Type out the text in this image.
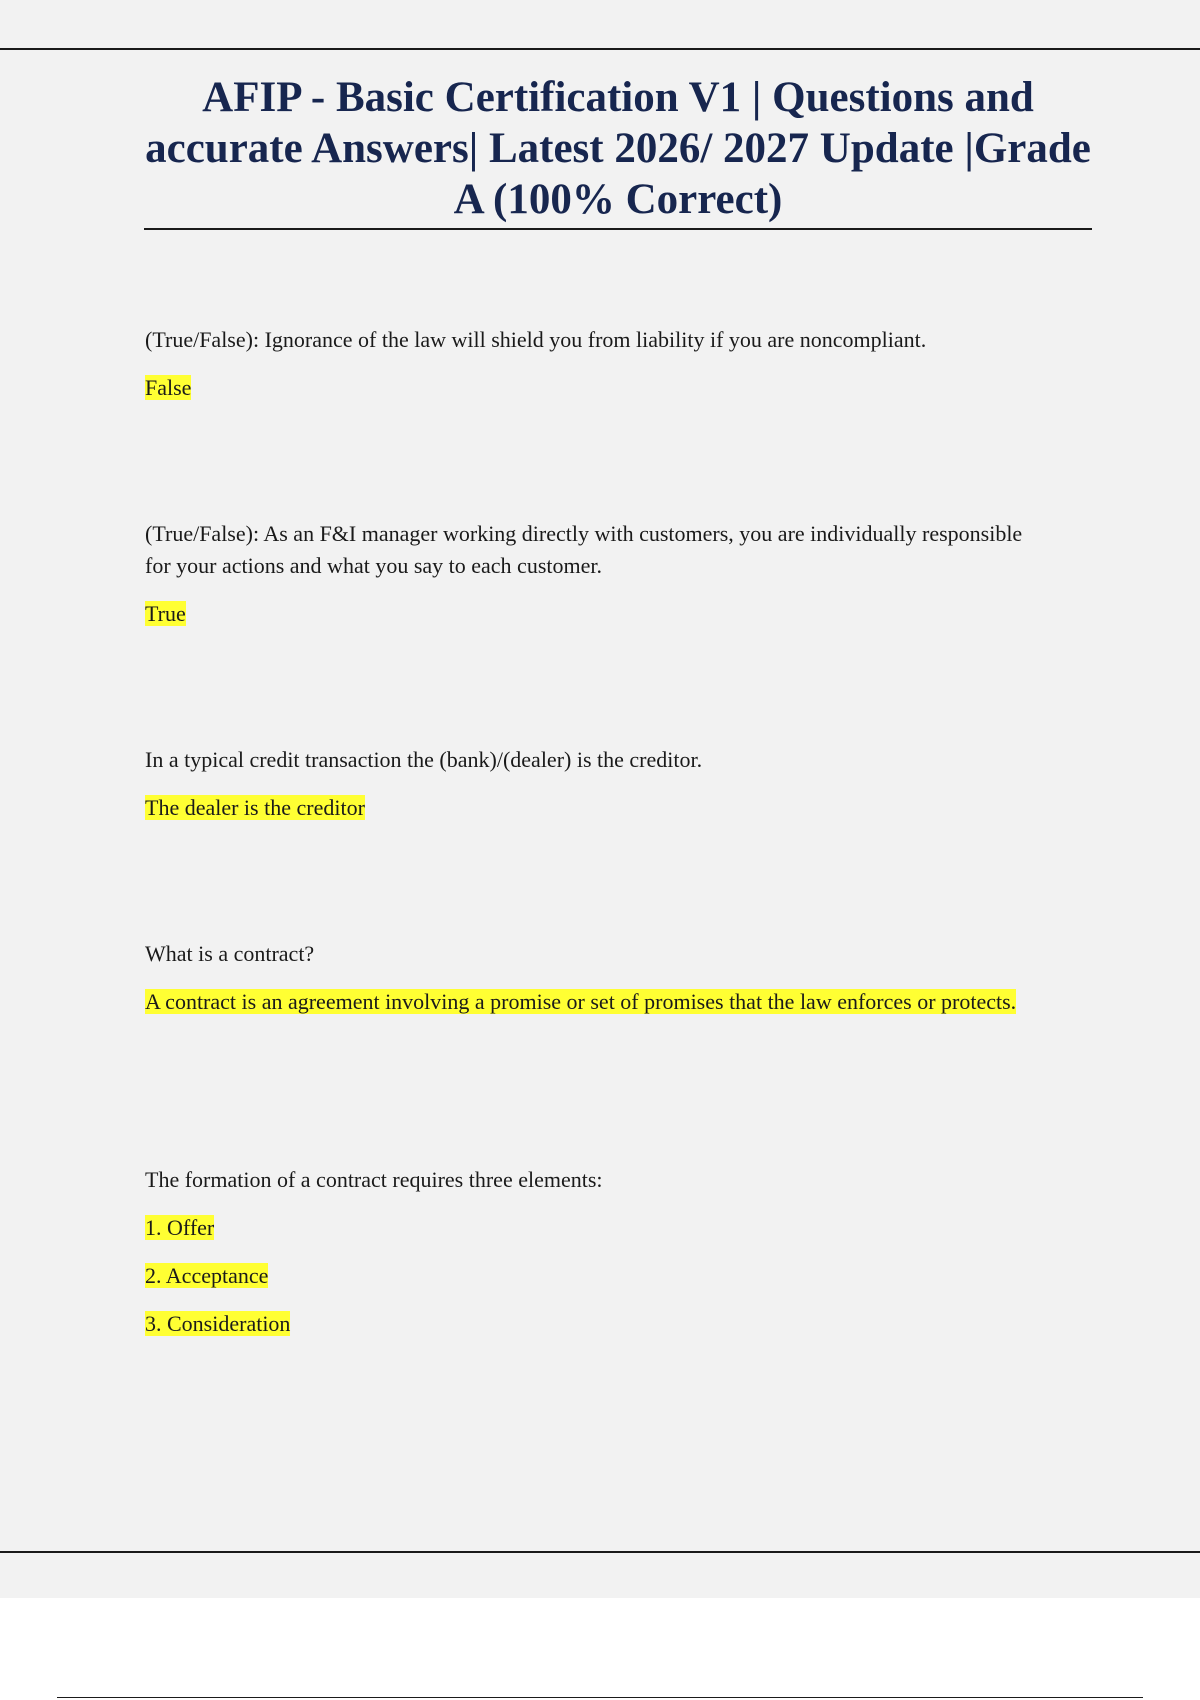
AFIP - Basic Certification V1 | Questions and accurate Answers| Latest 2026/ 2027 Update |Grade A (100% Correct)

(True/False): Ignorance of the law will shield you from liability if you are noncompliant.

False

(True/False): As an F&I manager working directly with customers, you are individually responsible for your actions and what you say to each customer.

True

In a typical credit transaction the (bank)/(dealer) is the creditor.

The dealer is the creditor

What is a contract?

A contract is an agreement involving a promise or set of promises that the law enforces or protects.

The formation of a contract requires three elements:

1. Offer

2. Acceptance

3. Consideration
